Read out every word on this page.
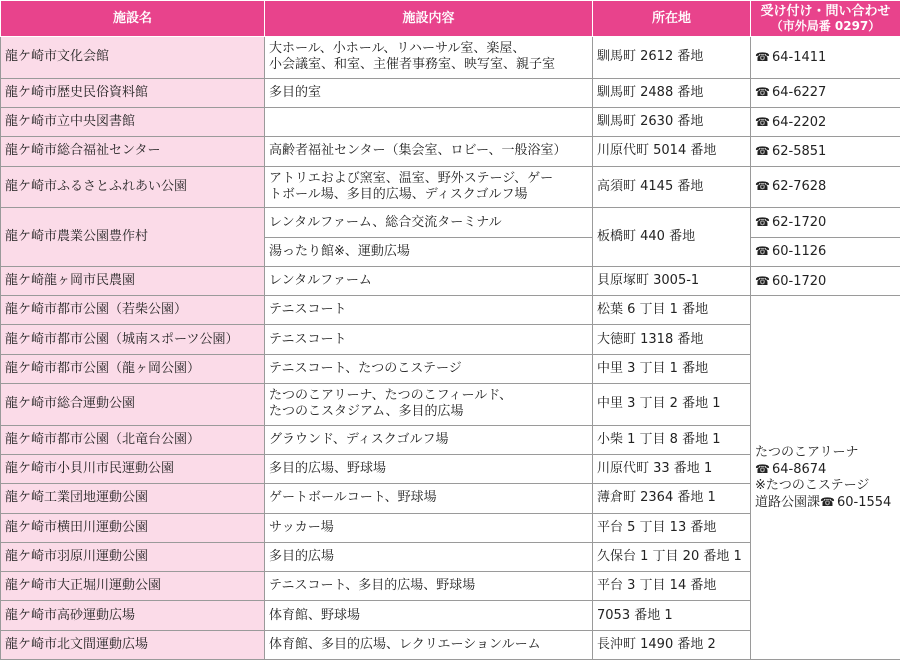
施設名	施設内容	所在地	受け付け・問い合わせ
（市外局番 0297）

龍ケ崎市文化会館	大ホール、小ホール、リハーサル室、楽屋、
小会議室、和室、主催者事務室、映写室、親子室	馴馬町 2612 番地	☎ 64-1411
龍ケ崎市歴史民俗資料館	多目的室	馴馬町 2488 番地	☎ 64-6227
龍ケ崎市立中央図書館		馴馬町 2630 番地	☎ 64-2202
龍ケ崎市総合福祉センター	高齢者福祉センター（集会室、ロビー、一般浴室）	川原代町 5014 番地	☎ 62-5851
龍ケ崎市ふるさとふれあい公園	アトリエおよび窯室、温室、野外ステージ、ゲー
トボール場、多目的広場、ディスクゴルフ場	高須町 4145 番地	☎ 62-7628
龍ケ崎市農業公園豊作村	レンタルファーム、総合交流ターミナル	板橋町 440 番地	☎ 62-1720
	湯ったり館※、運動広場		☎ 60-1126
龍ケ崎龍ヶ岡市民農園	レンタルファーム	貝原塚町 3005-1	☎ 60-1720
龍ケ崎市都市公園（若柴公園）	テニスコート	松葉 6 丁目 1 番地	たつのこアリーナ
☎ 64-8674
※たつのこステージ
道路公園課☎ 60-1554

龍ケ崎市都市公園（城南スポーツ公園）	テニスコート	大徳町 1318 番地	
龍ケ崎市都市公園（龍ヶ岡公園）	テニスコート、たつのこステージ	中里 3 丁目 1 番地	
龍ケ崎市総合運動公園	たつのこアリーナ、たつのこフィールド、
たつのこスタジアム、多目的広場	中里 3 丁目 2 番地 1	
龍ケ崎市都市公園（北竜台公園）	グラウンド、ディスクゴルフ場	小柴 1 丁目 8 番地 1	
龍ケ崎市小貝川市民運動公園	多目的広場、野球場	川原代町 33 番地 1	
龍ケ崎工業団地運動公園	ゲートボールコート、野球場	薄倉町 2364 番地 1	
龍ケ崎市横田川運動公園	サッカー場	平台 5 丁目 13 番地	
龍ケ崎市羽原川運動公園	多目的広場	久保台 1 丁目 20 番地 1	
龍ケ崎市大正堀川運動公園	テニスコート、多目的広場、野球場	平台 3 丁目 14 番地	
龍ケ崎市高砂運動広場	体育館、野球場	7053 番地 1	
龍ケ崎市北文間運動広場	体育館、多目的広場、レクリエーションルーム	長沖町 1490 番地 2	
